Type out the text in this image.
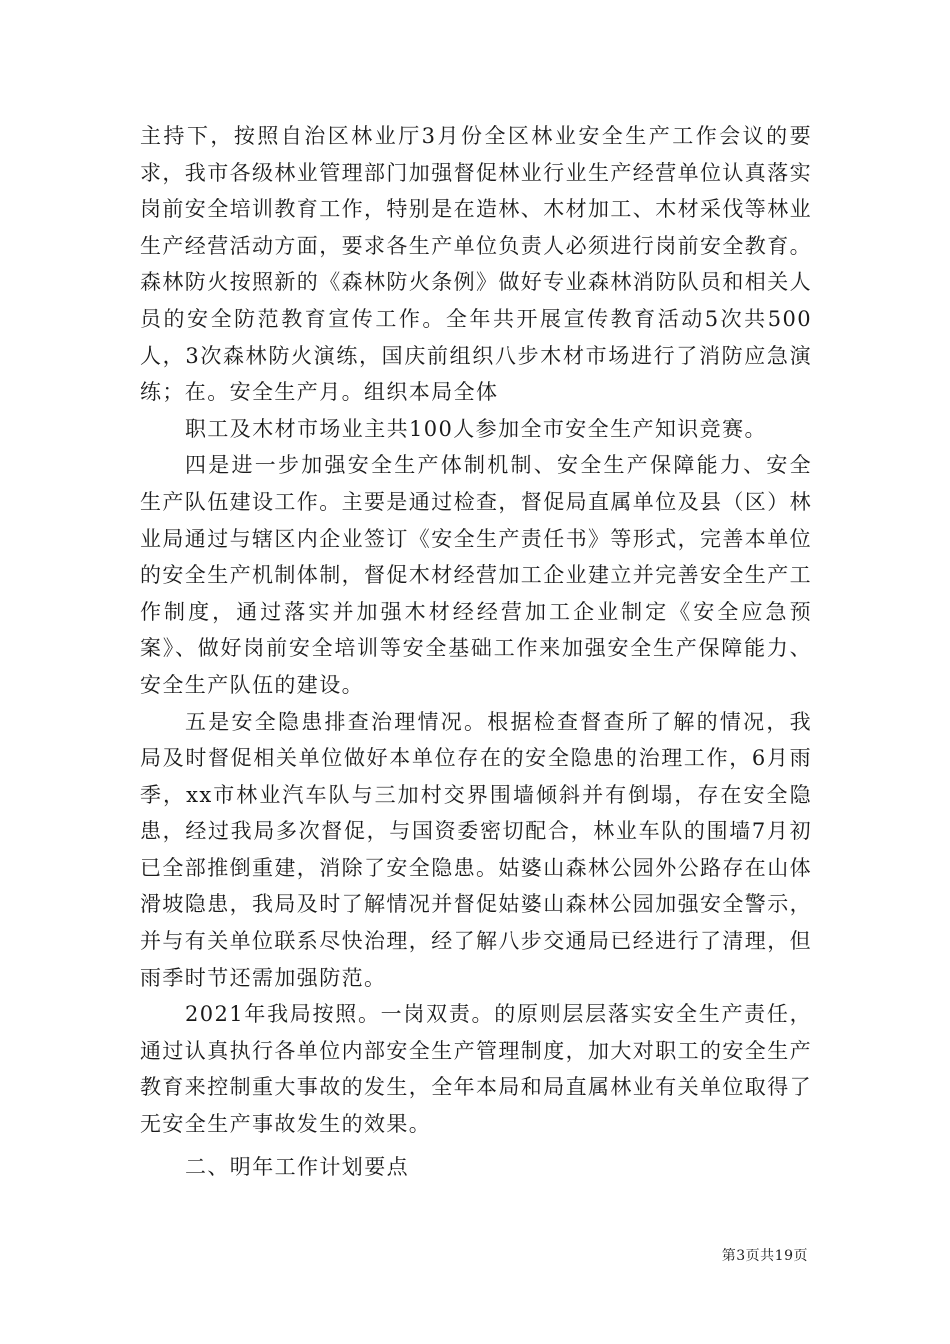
主持下，按照自治区林业厅3月份全区林业安全生产工作会议的要求，我市各级林业管理部门加强督促林业行业生产经营单位认真落实岗前安全培训教育工作，特别是在造林、木材加工、木材采伐等林业生产经营活动方面，要求各生产单位负责人必须进行岗前安全教育。森林防火按照新的《森林防火条例》做好专业森林消防队员和相关人员的安全防范教育宣传工作。全年共开展宣传教育活动5次共500人，3次森林防火演练，国庆前组织八步木材市场进行了消防应急演练；在。安全生产月。组织本局全体

职工及木材市场业主共100人参加全市安全生产知识竞赛。

四是进一步加强安全生产体制机制、安全生产保障能力、安全生产队伍建设工作。主要是通过检查，督促局直属单位及县（区）林业局通过与辖区内企业签订《安全生产责任书》等形式，完善本单位的安全生产机制体制，督促木材经营加工企业建立并完善安全生产工作制度，通过落实并加强木材经经营加工企业制定《安全应急预案》、做好岗前安全培训等安全基础工作来加强安全生产保障能力、安全生产队伍的建设。

五是安全隐患排查治理情况。根据检查督查所了解的情况，我局及时督促相关单位做好本单位存在的安全隐患的治理工作，6月雨季，xx市林业汽车队与三加村交界围墙倾斜并有倒塌，存在安全隐患，经过我局多次督促，与国资委密切配合，林业车队的围墙7月初已全部推倒重建，消除了安全隐患。姑婆山森林公园外公路存在山体滑坡隐患，我局及时了解情况并督促姑婆山森林公园加强安全警示，并与有关单位联系尽快治理，经了解八步交通局已经进行了清理，但雨季时节还需加强防范。

2021年我局按照。一岗双责。的原则层层落实安全生产责任，通过认真执行各单位内部安全生产管理制度，加大对职工的安全生产教育来控制重大事故的发生，全年本局和局直属林业有关单位取得了无安全生产事故发生的效果。

二、明年工作计划要点

第3页共19页
